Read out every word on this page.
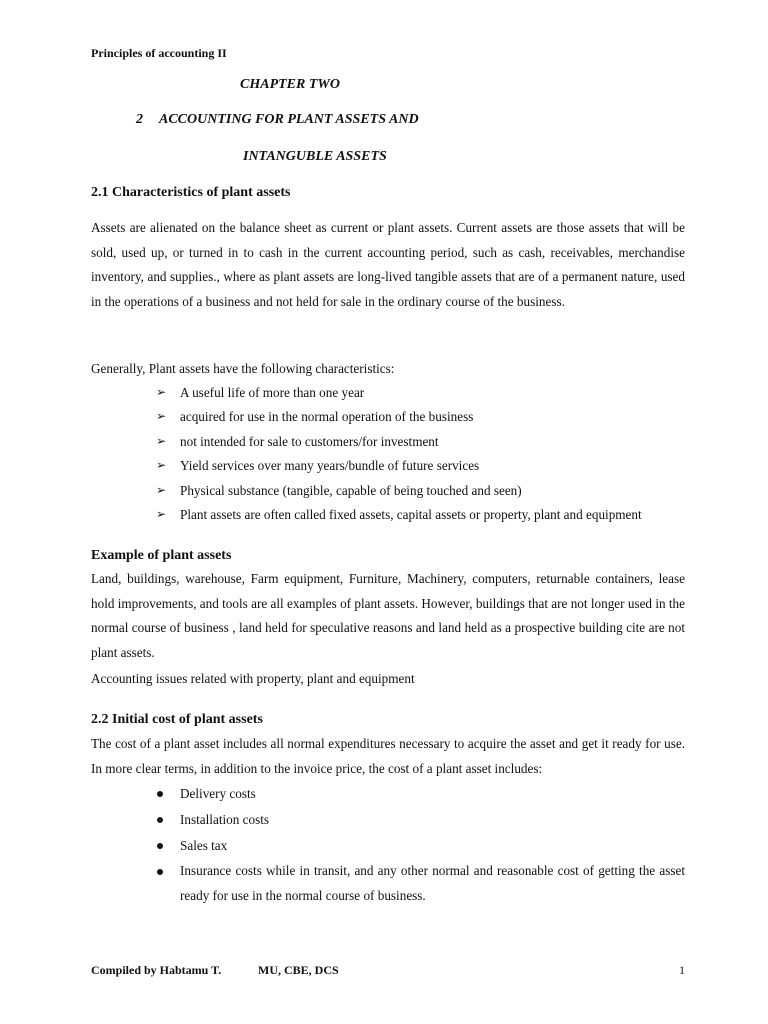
Principles of accounting II
CHAPTER TWO
2 ACCOUNTING FOR PLANT ASSETS AND
INTANGUBLE ASSETS
2.1 Characteristics of plant assets
Assets are alienated on the balance sheet as current or plant assets. Current assets are those assets that will be sold, used up, or turned in to cash in the current accounting period, such as cash, receivables, merchandise inventory, and supplies., where as plant assets are long-lived tangible assets that are of a permanent nature, used in the operations of a business and not held for sale in the ordinary course of the business.
Generally, Plant assets have the following characteristics:
➢ A useful life of more than one year
➢ acquired for use in the normal operation of the business
➢ not intended for sale to customers/for investment
➢ Yield services over many years/bundle of future services
➢ Physical substance (tangible, capable of being touched and seen)
➢ Plant assets are often called fixed assets, capital assets or property, plant and equipment
Example of plant assets
Land, buildings, warehouse, Farm equipment, Furniture, Machinery, computers, returnable containers, lease hold improvements, and tools are all examples of plant assets. However, buildings that are not longer used in the normal course of business , land held for speculative reasons and land held as a prospective building cite are not plant assets.
Accounting issues related with property, plant and equipment
2.2 Initial cost of plant assets
The cost of a plant asset includes all normal expenditures necessary to acquire the asset and get it ready for use. In more clear terms, in addition to the invoice price, the cost of a plant asset includes:
Delivery costs
Installation costs
Sales tax
Insurance costs while in transit, and any other normal and reasonable cost of getting the asset ready for use in the normal course of business.
Compiled by Habtamu T.	MU, CBE, DCS	1
